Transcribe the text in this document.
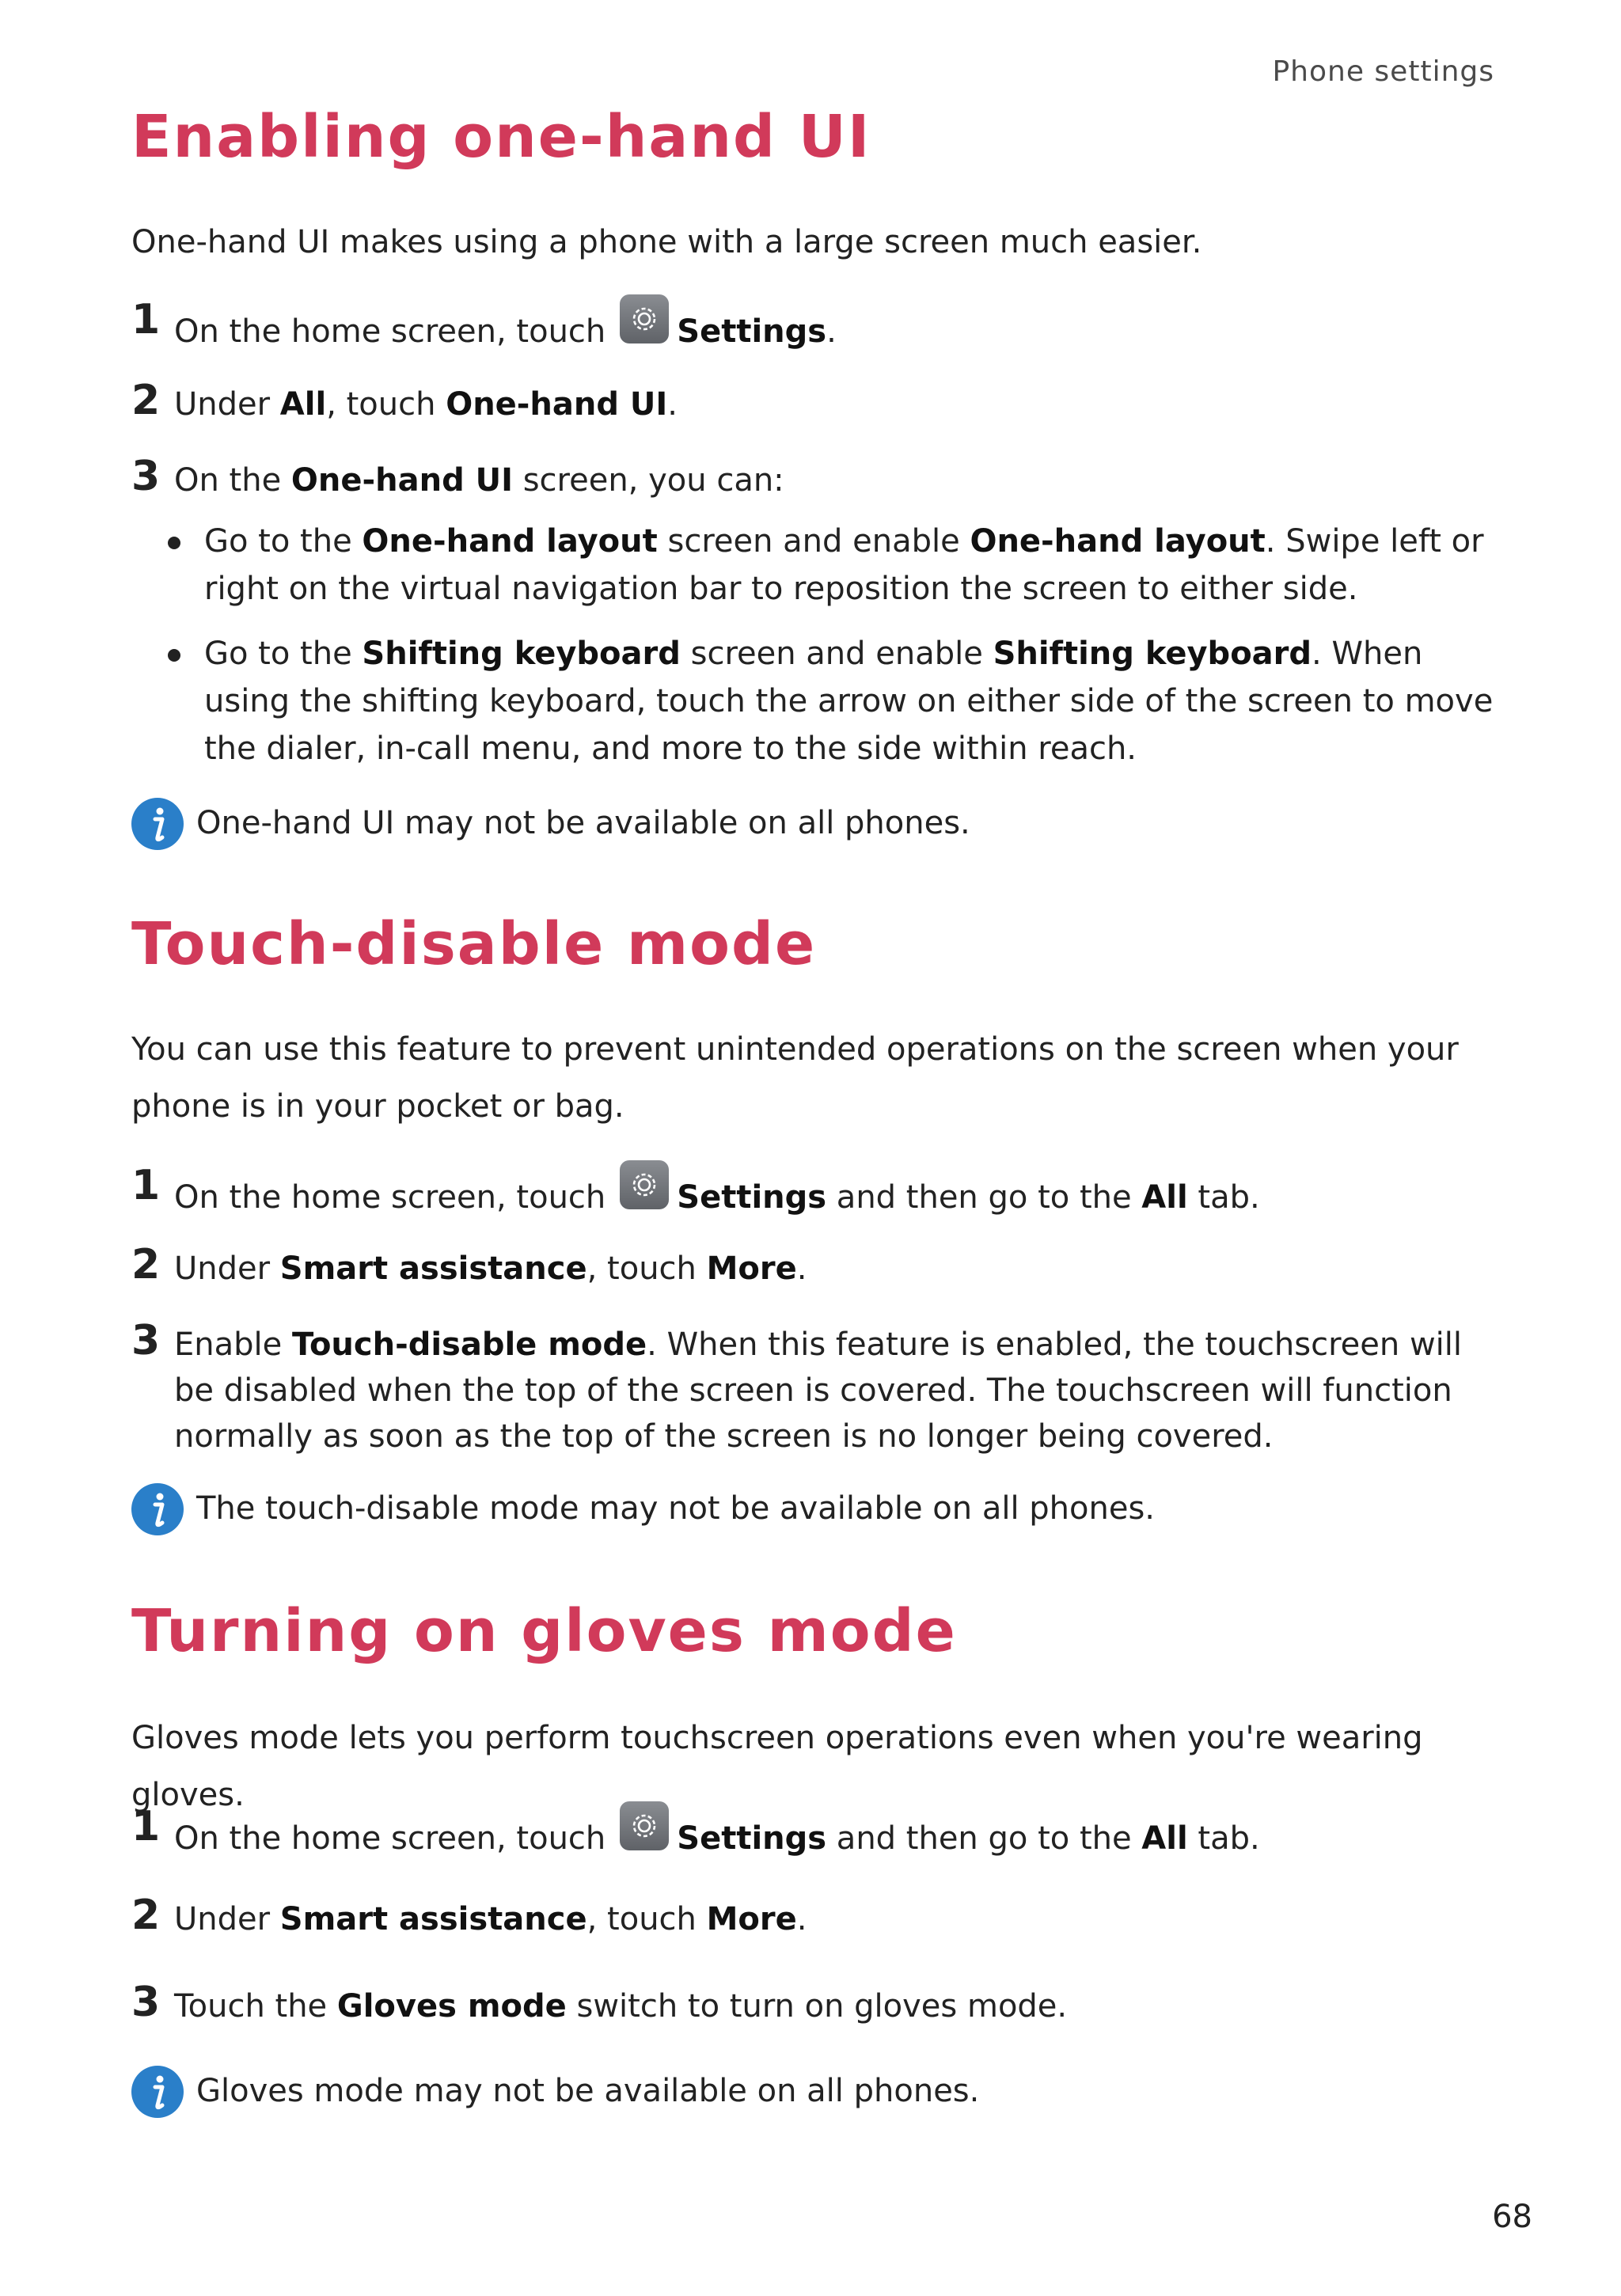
Phone settings
Enabling one-hand UI

One-hand UI makes using a phone with a large screen much easier.

1 On the home screen, touch Settings.
2 Under All, touch One-hand UI.
3 On the One-hand UI screen, you can:
Go to the One-hand layout screen and enable One-hand layout. Swipe left or right on the virtual navigation bar to reposition the screen to either side.
Go to the Shifting keyboard screen and enable Shifting keyboard. When using the shifting keyboard, touch the arrow on either side of the screen to move the dialer, in-call menu, and more to the side within reach.
One-hand UI may not be available on all phones.
Touch-disable mode

You can use this feature to prevent unintended operations on the screen when your phone is in your pocket or bag.

1 On the home screen, touch Settings and then go to the All tab.
2 Under Smart assistance, touch More.
3 Enable Touch-disable mode. When this feature is enabled, the touchscreen will be disabled when the top of the screen is covered. The touchscreen will function normally as soon as the top of the screen is no longer being covered.
The touch-disable mode may not be available on all phones.
Turning on gloves mode

Gloves mode lets you perform touchscreen operations even when you're wearing gloves.

1 On the home screen, touch Settings and then go to the All tab.
2 Under Smart assistance, touch More.
3 Touch the Gloves mode switch to turn on gloves mode.
Gloves mode may not be available on all phones.
68
